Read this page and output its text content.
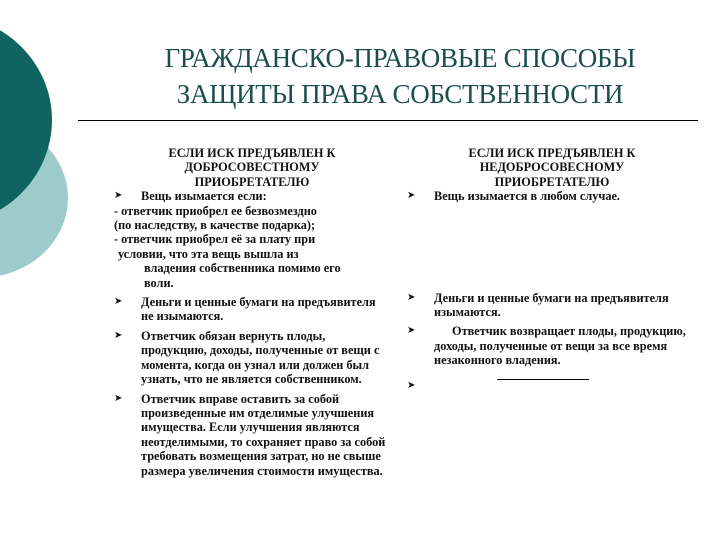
ГРАЖДАНСКО-ПРАВОВЫЕ СПОСОБЫ
ЗАЩИТЫ ПРАВА СОБСТВЕННОСТИ
ЕСЛИ ИСК ПРЕДЪЯВЛЕН К
ДОБРОСОВЕСТНОМУ
ПРИОБРЕТАТЕЛЮ
➤ Вещь изымается если:
- ответчик приобрел ее безвозмездно
(по наследству, в качестве подарка);
- ответчик приобрел её за плату при
условии, что эта вещь вышла из
владения собственника помимо его
воли.
➤ Деньги и ценные бумаги на предъявителя не изымаются.
➤ Ответчик обязан вернуть плоды, продукцию, доходы, полученные от вещи с момента, когда он узнал или должен был узнать, что не является собственником.
➤ Ответчик вправе оставить за собой произведенные им отделимые улучшения имущества. Если улучшения являются неотделимыми, то сохраняет право за собой требовать возмещения затрат, но не свыше размера увеличения стоимости имущества.
ЕСЛИ ИСК ПРЕДЪЯВЛЕН К
НЕДОБРОСОВЕСНОМУ
ПРИОБРЕТАТЕЛЮ
➤ Вещь изымается в любом случае.
➤ Деньги и ценные бумаги на предъявителя изымаются.
➤	Ответчик возвращает плоды, продукцию, доходы, полученные от вещи за все время незаконного владения.
➤
